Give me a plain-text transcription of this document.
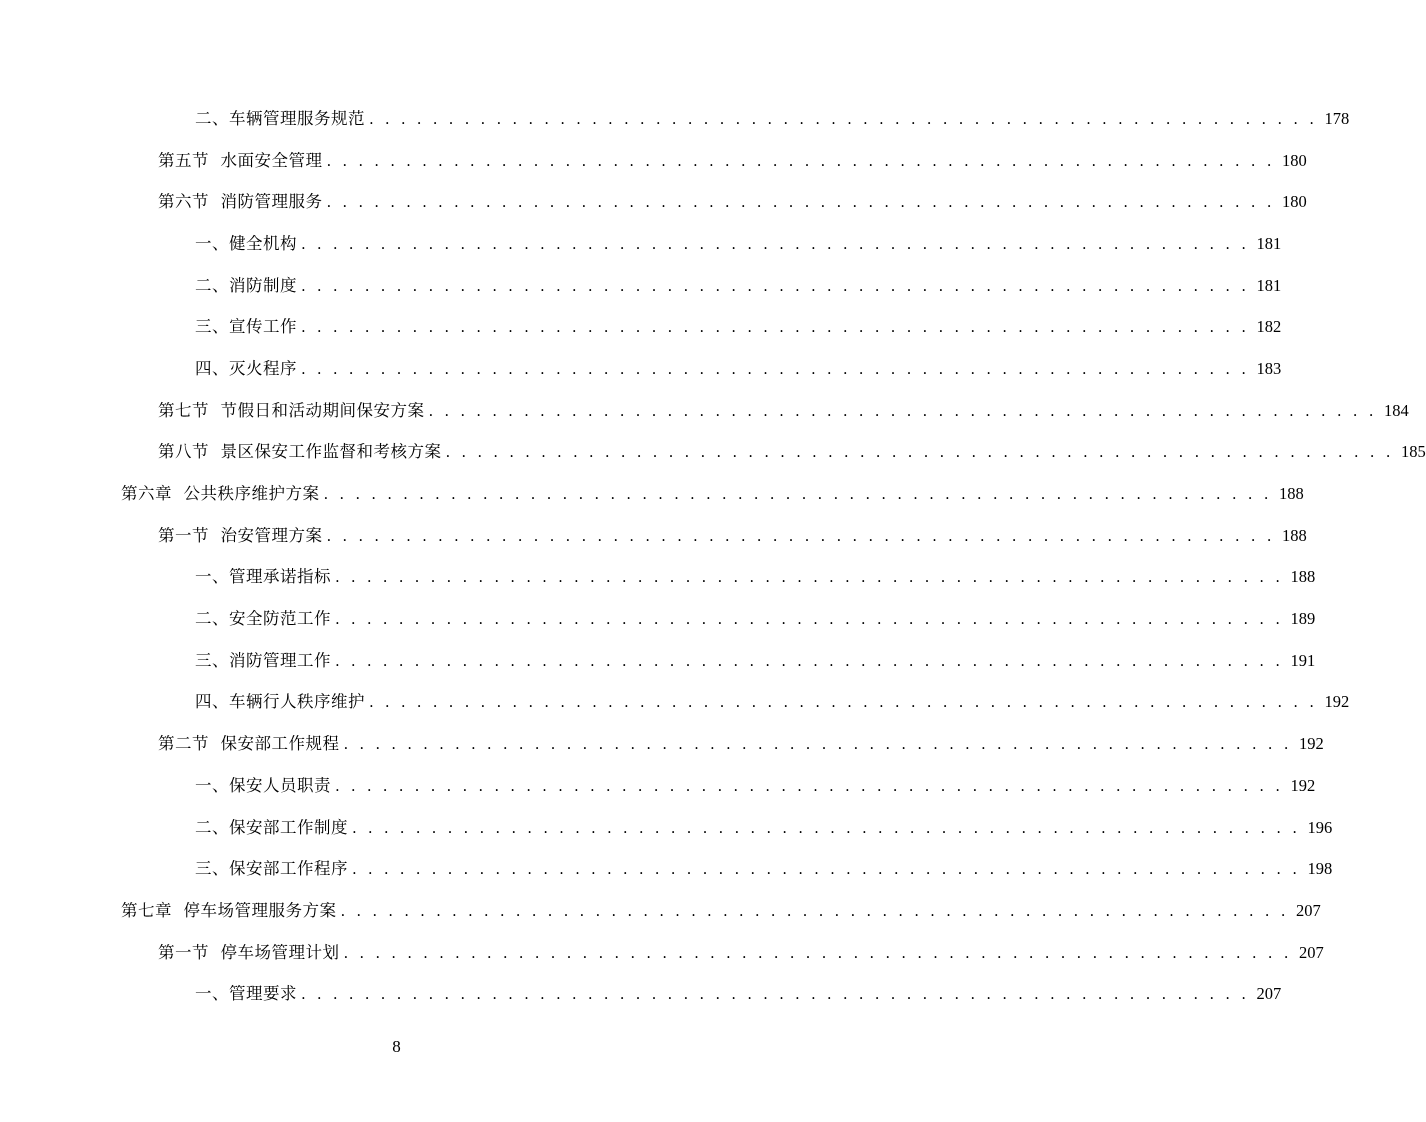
二、车辆管理服务规范 . . . . . . . . . . . . . . . . . . . . . . . . . . . . . . . . . . . . . . . . . . . . . . . . . . . . . . . . . . . . 178
第五节  水面安全管理 . . . . . . . . . . . . . . . . . . . . . . . . . . . . . . . . . . . . . . . . . . . . . . . . . . . . . . . . . . . . 180
第六节  消防管理服务 . . . . . . . . . . . . . . . . . . . . . . . . . . . . . . . . . . . . . . . . . . . . . . . . . . . . . . . . . . . . 180
一、健全机构 . . . . . . . . . . . . . . . . . . . . . . . . . . . . . . . . . . . . . . . . . . . . . . . . . . . . . . . . . . . . 181
二、消防制度 . . . . . . . . . . . . . . . . . . . . . . . . . . . . . . . . . . . . . . . . . . . . . . . . . . . . . . . . . . . . 181
三、宣传工作 . . . . . . . . . . . . . . . . . . . . . . . . . . . . . . . . . . . . . . . . . . . . . . . . . . . . . . . . . . . . 182
四、灭火程序 . . . . . . . . . . . . . . . . . . . . . . . . . . . . . . . . . . . . . . . . . . . . . . . . . . . . . . . . . . . . 183
第七节  节假日和活动期间保安方案 . . . . . . . . . . . . . . . . . . . . . . . . . . . . . . . . . . . . . . . . . . . . . . . . . . . . . . . . . . . . 184
第八节  景区保安工作监督和考核方案 . . . . . . . . . . . . . . . . . . . . . . . . . . . . . . . . . . . . . . . . . . . . . . . . . . . . . . . . . . . . 185
第六章  公共秩序维护方案 . . . . . . . . . . . . . . . . . . . . . . . . . . . . . . . . . . . . . . . . . . . . . . . . . . . . . . . . . . . . 188
第一节  治安管理方案 . . . . . . . . . . . . . . . . . . . . . . . . . . . . . . . . . . . . . . . . . . . . . . . . . . . . . . . . . . . . 188
一、管理承诺指标 . . . . . . . . . . . . . . . . . . . . . . . . . . . . . . . . . . . . . . . . . . . . . . . . . . . . . . . . . . . . 188
二、安全防范工作 . . . . . . . . . . . . . . . . . . . . . . . . . . . . . . . . . . . . . . . . . . . . . . . . . . . . . . . . . . . . 189
三、消防管理工作 . . . . . . . . . . . . . . . . . . . . . . . . . . . . . . . . . . . . . . . . . . . . . . . . . . . . . . . . . . . . 191
四、车辆行人秩序维护 . . . . . . . . . . . . . . . . . . . . . . . . . . . . . . . . . . . . . . . . . . . . . . . . . . . . . . . . . . . . 192
第二节  保安部工作规程 . . . . . . . . . . . . . . . . . . . . . . . . . . . . . . . . . . . . . . . . . . . . . . . . . . . . . . . . . . . . 192
一、保安人员职责 . . . . . . . . . . . . . . . . . . . . . . . . . . . . . . . . . . . . . . . . . . . . . . . . . . . . . . . . . . . . 192
二、保安部工作制度 . . . . . . . . . . . . . . . . . . . . . . . . . . . . . . . . . . . . . . . . . . . . . . . . . . . . . . . . . . . . 196
三、保安部工作程序 . . . . . . . . . . . . . . . . . . . . . . . . . . . . . . . . . . . . . . . . . . . . . . . . . . . . . . . . . . . . 198
第七章  停车场管理服务方案 . . . . . . . . . . . . . . . . . . . . . . . . . . . . . . . . . . . . . . . . . . . . . . . . . . . . . . . . . . . . 207
第一节  停车场管理计划 . . . . . . . . . . . . . . . . . . . . . . . . . . . . . . . . . . . . . . . . . . . . . . . . . . . . . . . . . . . . 207
一、管理要求 . . . . . . . . . . . . . . . . . . . . . . . . . . . . . . . . . . . . . . . . . . . . . . . . . . . . . . . . . . . . 207
8
